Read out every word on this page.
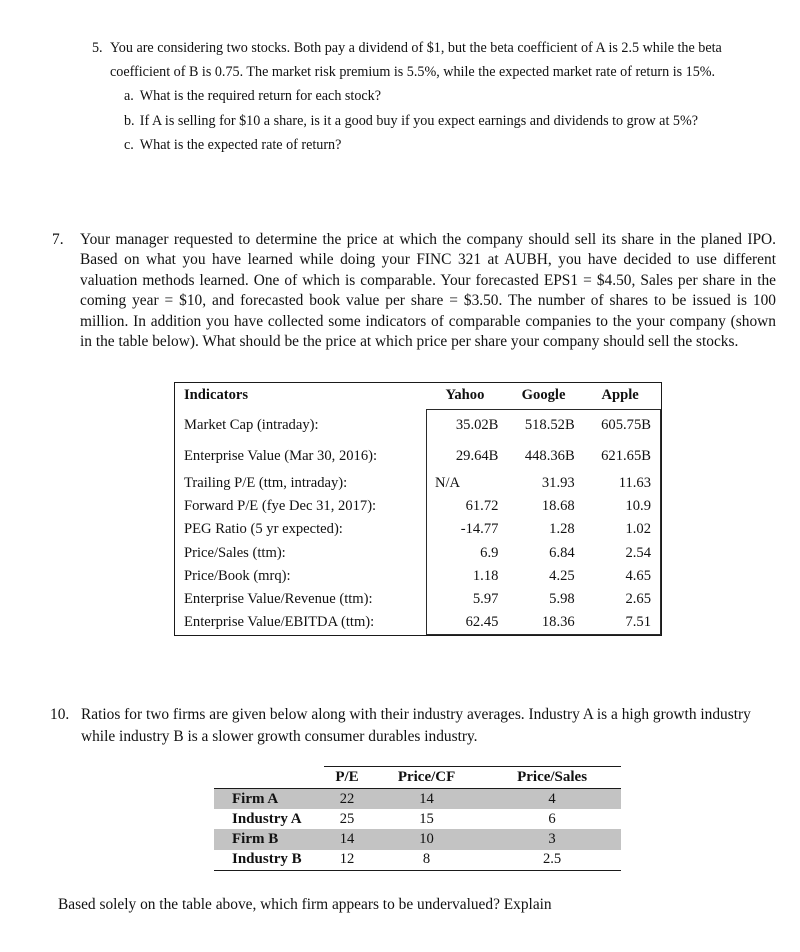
5. You are considering two stocks. Both pay a dividend of $1, but the beta coefficient of A is 2.5 while the beta coefficient of B is 0.75. The market risk premium is 5.5%, while the expected market rate of return is 15%.
a. What is the required return for each stock?
b. If A is selling for $10 a share, is it a good buy if you expect earnings and dividends to grow at 5%?
c. What is the expected rate of return?
7.	Your manager requested to determine the price at which the company should sell its share in the planed IPO. Based on what you have learned while doing your FINC 321 at AUBH, you have decided to use different valuation methods learned. One of which is comparable. Your forecasted EPS1 = $4.50, Sales per share in the coming year = $10, and forecasted book value per share = $3.50. The number of shares to be issued is 100 million. In addition you have collected some indicators of comparable companies to the your company (shown in the table below). What should be the price at which price per share your company should sell the stocks.
Indicators	Yahoo	Google	Apple
Market Cap (intraday):	35.02B	518.52B	605.75B
Enterprise Value (Mar 30, 2016):	29.64B	448.36B	621.65B
Trailing P/E (ttm, intraday):	N/A	31.93	11.63
Forward P/E (fye Dec 31, 2017):	61.72	18.68	10.9
PEG Ratio (5 yr expected):	-14.77	1.28	1.02
Price/Sales (ttm):	6.9	6.84	2.54
Price/Book (mrq):	1.18	4.25	4.65
Enterprise Value/Revenue (ttm):	5.97	5.98	2.65
Enterprise Value/EBITDA (ttm):	62.45	18.36	7.51
10. Ratios for two firms are given below along with their industry averages. Industry A is a high growth industry while industry B is a slower growth consumer durables industry.
	P/E	Price/CF	Price/Sales
Firm A	22	14	4
Industry A	25	15	6
Firm B	14	10	3
Industry B	12	8	2.5
Based solely on the table above, which firm appears to be undervalued? Explain
